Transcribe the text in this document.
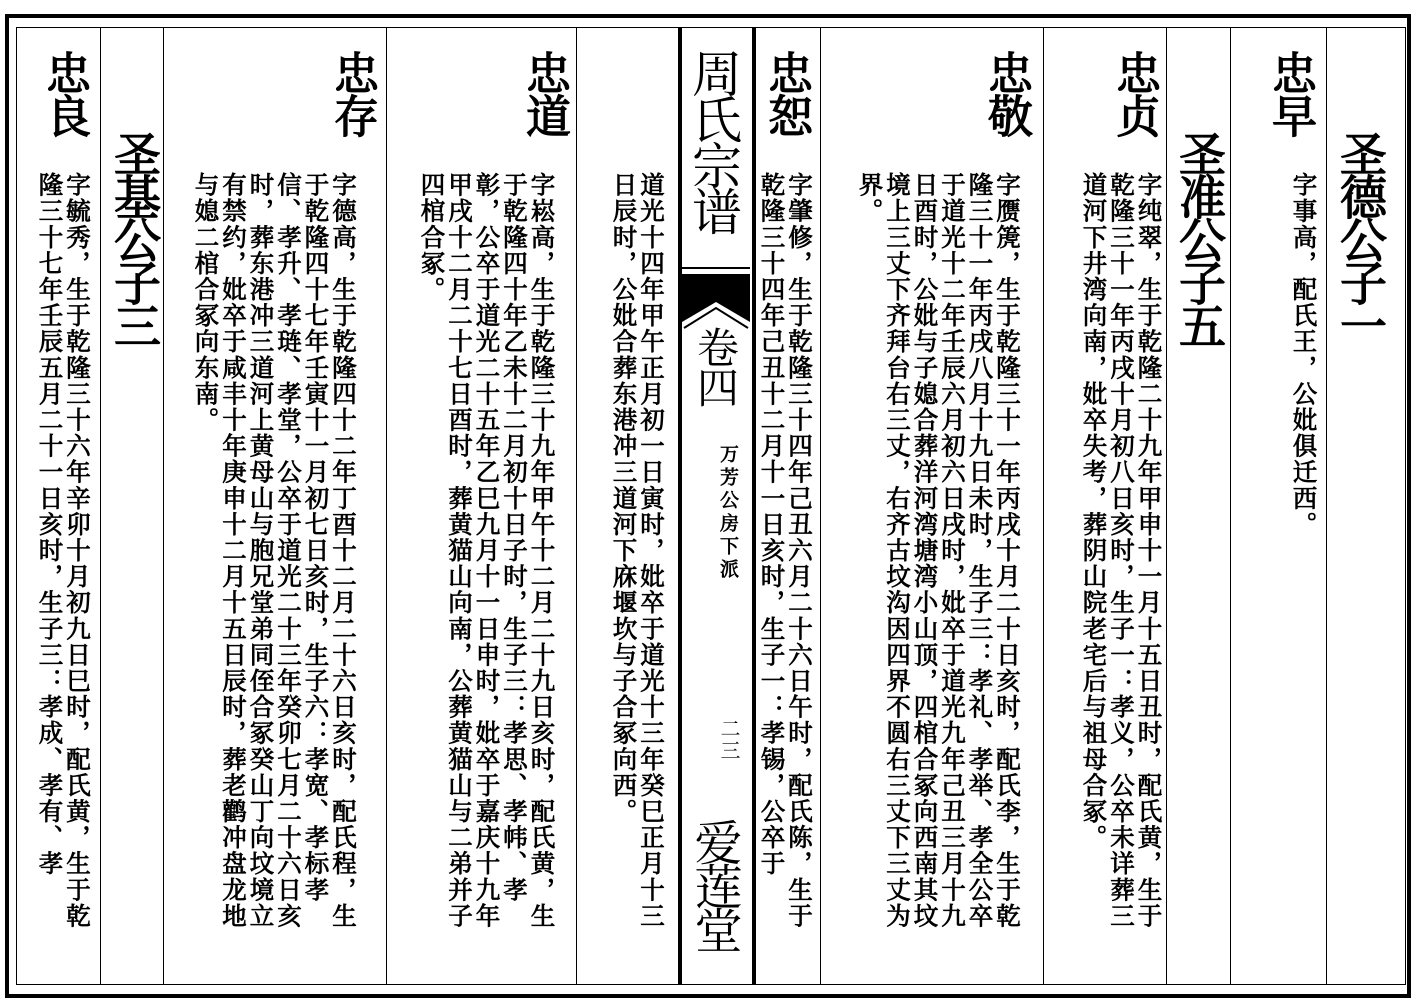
周氏宗谱
卷四
万芳公房下派
二三
爱莲堂
圣德公子一
忠早
字事高，配氏王，公妣俱迁西。
圣准公子五
忠贞
字纯翠，生于乾隆二十九年甲申十一月十五日丑时，配氏黄，生于乾隆三十一年丙戌十月初八日亥时，生子一：孝义，公卒未详葬三道河下井湾向南，妣卒失考，葬阴山院老宅后与祖母合冢。
忠敬
字赝箎，生于乾隆三十一年丙戌十月二十日亥时，配氏李，生于乾隆三十一年丙戌八月十九日未时，生子三：孝礼、孝举、孝全公卒于道光十二年壬辰六月初六日戌时，妣卒于道光九年己丑三月十九日酉时，公妣与子媳合葬洋河湾塘湾小山顶，四棺合冢向西南其坟境上三丈下齐拜台右三丈，右齐古坟沟因四界不圆右三丈下三丈为界。
忠恕
字肇修，生于乾隆三十四年己丑六月二十六日午时，配氏陈，生于乾隆三十四年己丑十二月十一日亥时，生子一：孝锡，公卒于
道光十四年甲午正月初一日寅时，妣卒于道光十三年癸巳正月十三日辰时，公妣合葬东港冲三道河下庥堰坎与子合冢向西。
忠道
字崧高，生于乾隆三十九年甲午十二月二十九日亥时，配氏黄，生于乾隆四十年乙未十二月初十日子时，生子三：孝思、孝帏、孝彰，公卒于道光二十五年乙巳九月十一日申时，妣卒于嘉庆十九年甲戌十二月二十七日酉时，葬黄猫山向南，公葬黄猫山与二弟并子四棺合冢。
忠存
字德高，生于乾隆四十二年丁酉十二月二十六日亥时，配氏程，生于乾隆四十七年壬寅十一月初七日亥时，生子六：孝宽、孝标孝信、孝升、孝琏、孝堂，公卒于道光二十三年癸卯七月二十六日亥时，葬东港冲三道河上黄母山与胞兄堂弟同侄合冢癸山丁向坟境立有禁约，妣卒于咸丰十年庚申十二月十五日辰时，葬老鹳冲盘龙地与媳二棺合冢向东南。
圣基公子三
忠良
字毓秀，生于乾隆三十六年辛卯十月初九日巳时，配氏黄，生于乾隆三十七年壬辰五月二十一日亥时，生子三：孝成、孝有、孝
